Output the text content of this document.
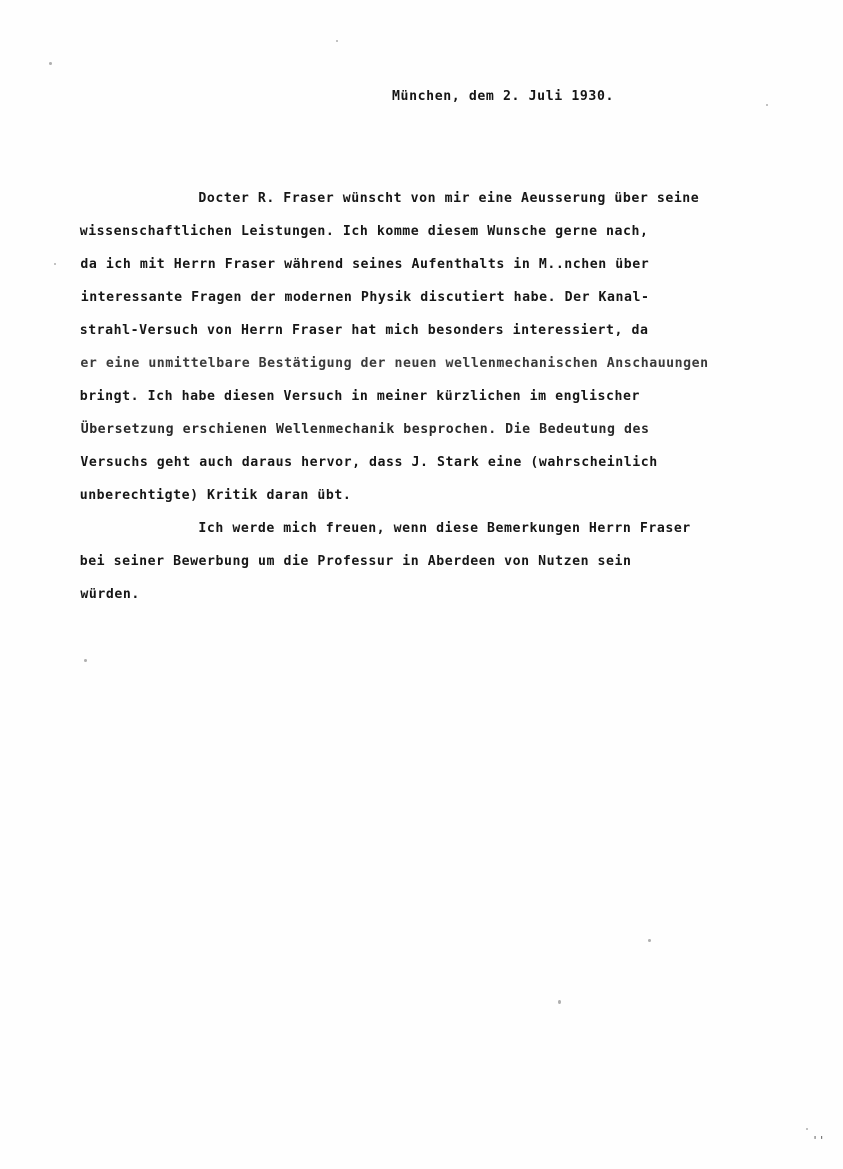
München, dem 2. Juli 1930.
Docter R. Fraser wünscht von mir eine Aeusserung über seine
wissenschaftlichen Leistungen. Ich komme diesem Wunsche gerne nach,
da ich mit Herrn Fraser während seines Aufenthalts in M..nchen über
interessante Fragen der modernen Physik discutiert habe. Der Kanal-
strahl-Versuch von Herrn Fraser hat mich besonders interessiert, da
er eine unmittelbare Bestätigung der neuen wellenmechanischen Anschauungen
bringt. Ich habe diesen Versuch in meiner kürzlichen im englischer
Übersetzung erschienen Wellenmechanik besprochen. Die Bedeutung des
Versuchs geht auch daraus hervor, dass J. Stark eine (wahrscheinlich
unberechtigte) Kritik daran übt.
Ich werde mich freuen, wenn diese Bemerkungen Herrn Fraser
bei seiner Bewerbung um die Professur in Aberdeen von Nutzen sein
würden.
''
